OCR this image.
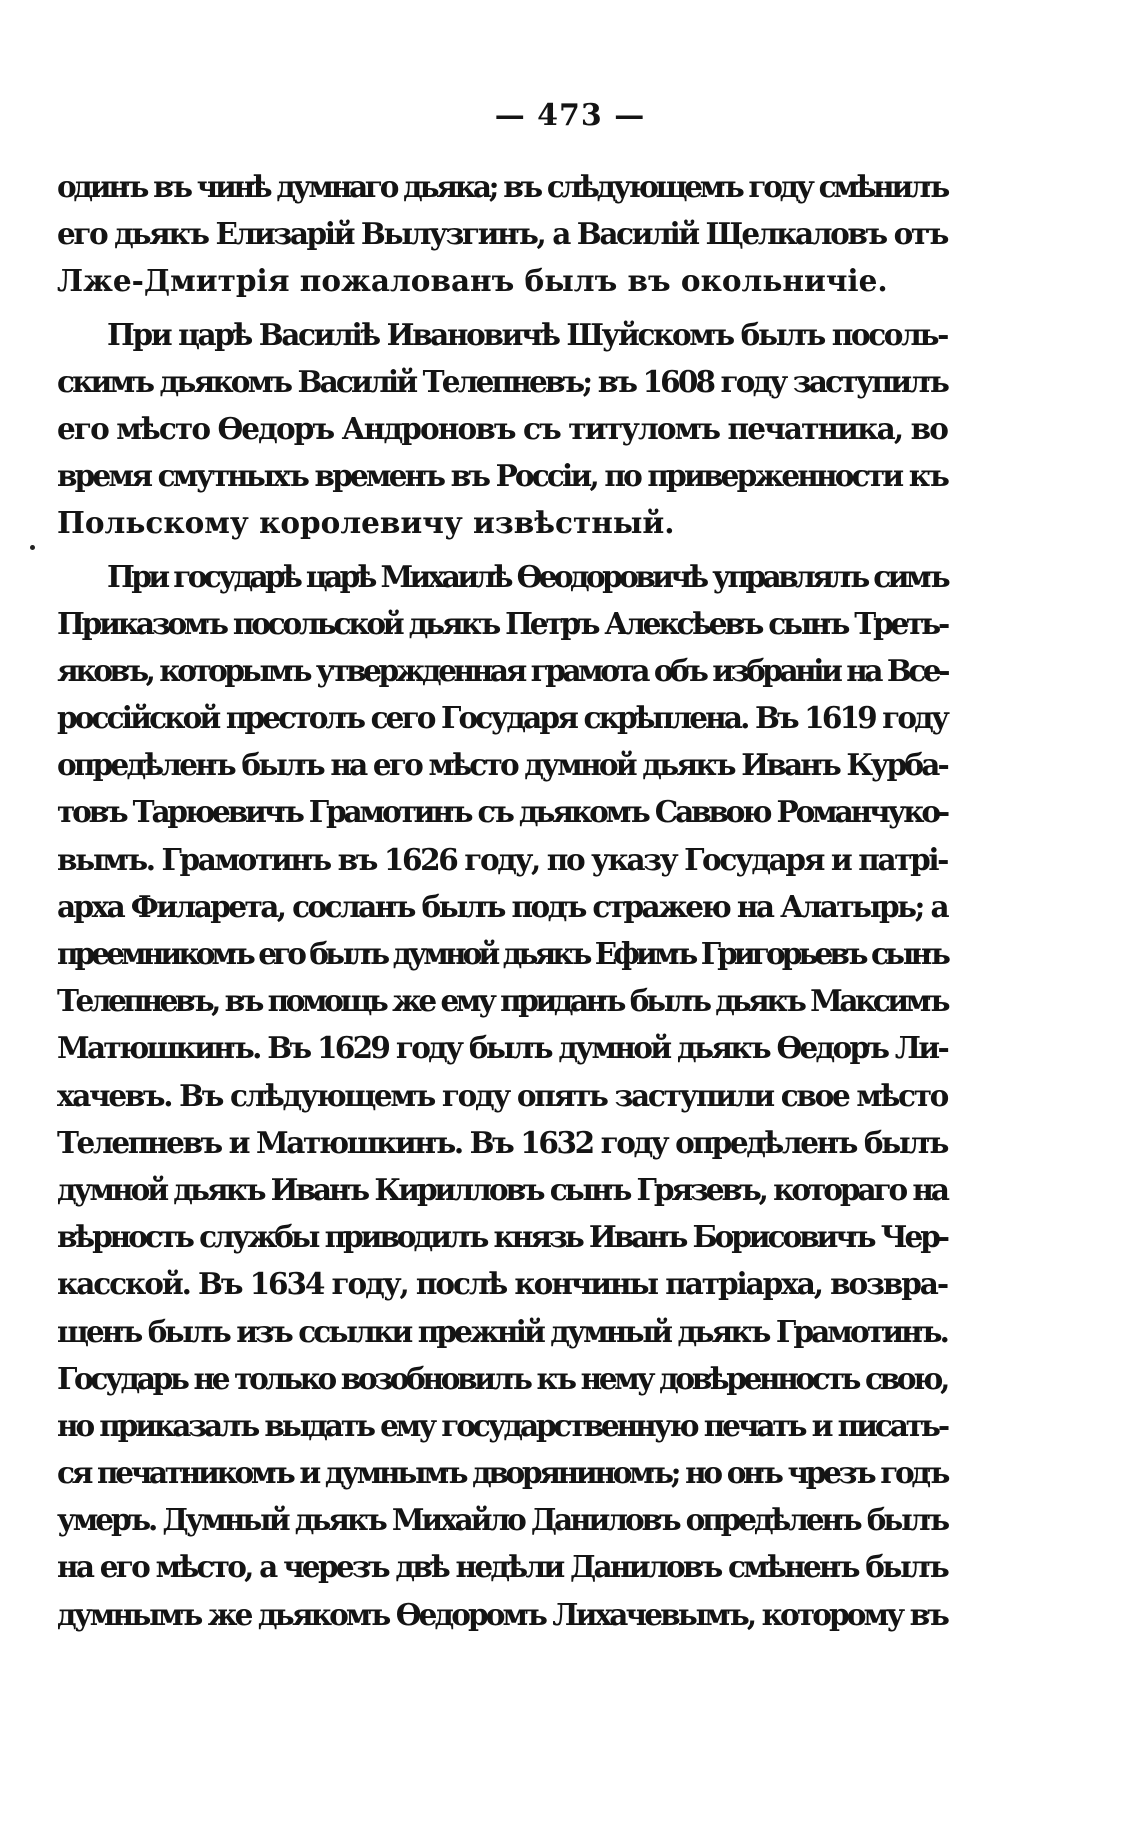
— 473 —
одинъ въ чинѣ думнаго дьяка; въ слѣдующемъ году смѣнилъ
его дьякъ Елизарій Вылузгинъ, а Василій Щелкаловъ отъ
Лже-Дмитрія пожалованъ былъ въ окольничіе.
При царѣ Василіѣ Ивановичѣ Шуйскомъ былъ посоль-
скимъ дьякомъ Василій Телепневъ; въ 1608 году заступилъ
его мѣсто Ѳедоръ Андроновъ съ титуломъ печатника, во
время смутныхъ временъ въ Россіи, по приверженности къ
Польскому королевичу извѣстный.
При государѣ царѣ Михаилѣ Ѳеодоровичѣ управлялъ симъ
Приказомъ посольской дьякъ Петръ Алексѣевъ сынъ Треть-
яковъ, которымъ утвержденная грамота объ избраніи на Все-
россійской престолъ сего Государя скрѣплена. Въ 1619 году
опредѣленъ былъ на его мѣсто думной дьякъ Иванъ Курба-
товъ Тарюевичъ Грамотинъ съ дьякомъ Саввою Романчуко-
вымъ. Грамотинъ въ 1626 году, по указу Государя и патрі-
арха Филарета, сосланъ былъ подъ стражею на Алатырь; а
преемникомъ его былъ думной дьякъ Ефимъ Григорьевъ сынъ
Телепневъ, въ помощь же ему приданъ былъ дьякъ Максимъ
Матюшкинъ. Въ 1629 году былъ думной дьякъ Ѳедоръ Ли-
хачевъ. Въ слѣдующемъ году опять заступили свое мѣсто
Телепневъ и Матюшкинъ. Въ 1632 году опредѣленъ былъ
думной дьякъ Иванъ Кирилловъ сынъ Грязевъ, котораго на
вѣрность службы приводилъ князь Иванъ Борисовичъ Чер-
касской. Въ 1634 году, послѣ кончины патріарха, возвра-
щенъ былъ изъ ссылки прежній думный дьякъ Грамотинъ.
Государь не только возобновилъ къ нему довѣренность свою,
но приказалъ выдать ему государственную печать и писать-
ся печатникомъ и думнымъ дворяниномъ; но онъ чрезъ годъ
умеръ. Думный дьякъ Михайло Даниловъ опредѣленъ былъ
на его мѣсто, а черезъ двѣ недѣли Даниловъ смѣненъ былъ
думнымъ же дьякомъ Ѳедоромъ Лихачевымъ, которому въ
